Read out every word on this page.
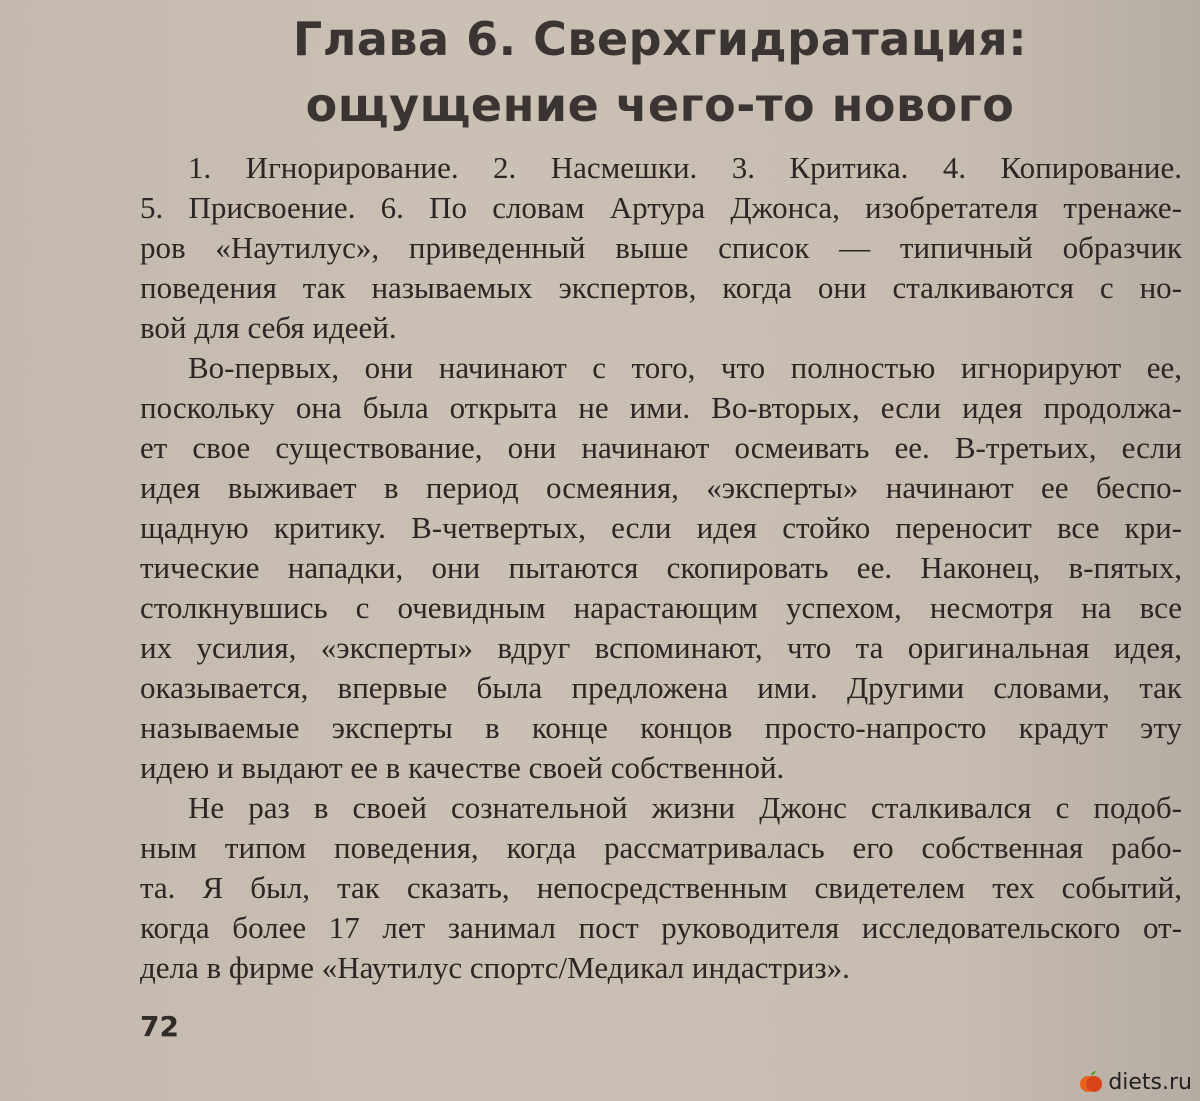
Глава 6. Сверхгидратация:
ощущение чего-то нового
1. Игнорирование. 2. Насмешки. 3. Критика. 4. Копирование.
5. Присвоение. 6. По словам Артура Джонса, изобретателя тренаже-
ров «Наутилус», приведенный выше список — типичный образчик
поведения так называемых экспертов, когда они сталкиваются с но-
вой для себя идеей.
Во-первых, они начинают с того, что полностью игнорируют ее,
поскольку она была открыта не ими. Во-вторых, если идея продолжа-
ет свое существование, они начинают осмеивать ее. В-третьих, если
идея выживает в период осмеяния, «эксперты» начинают ее беспо-
щадную критику. В-четвертых, если идея стойко переносит все кри-
тические нападки, они пытаются скопировать ее. Наконец, в-пятых,
столкнувшись с очевидным нарастающим успехом, несмотря на все
их усилия, «эксперты» вдруг вспоминают, что та оригинальная идея,
оказывается, впервые была предложена ими. Другими словами, так
называемые эксперты в конце концов просто-напросто крадут эту
идею и выдают ее в качестве своей собственной.
Не раз в своей сознательной жизни Джонс сталкивался с подоб-
ным типом поведения, когда рассматривалась его собственная рабо-
та. Я был, так сказать, непосредственным свидетелем тех событий,
когда более 17 лет занимал пост руководителя исследовательского от-
дела в фирме «Наутилус спортс/Медикал индастриз».
72
diets.ru
